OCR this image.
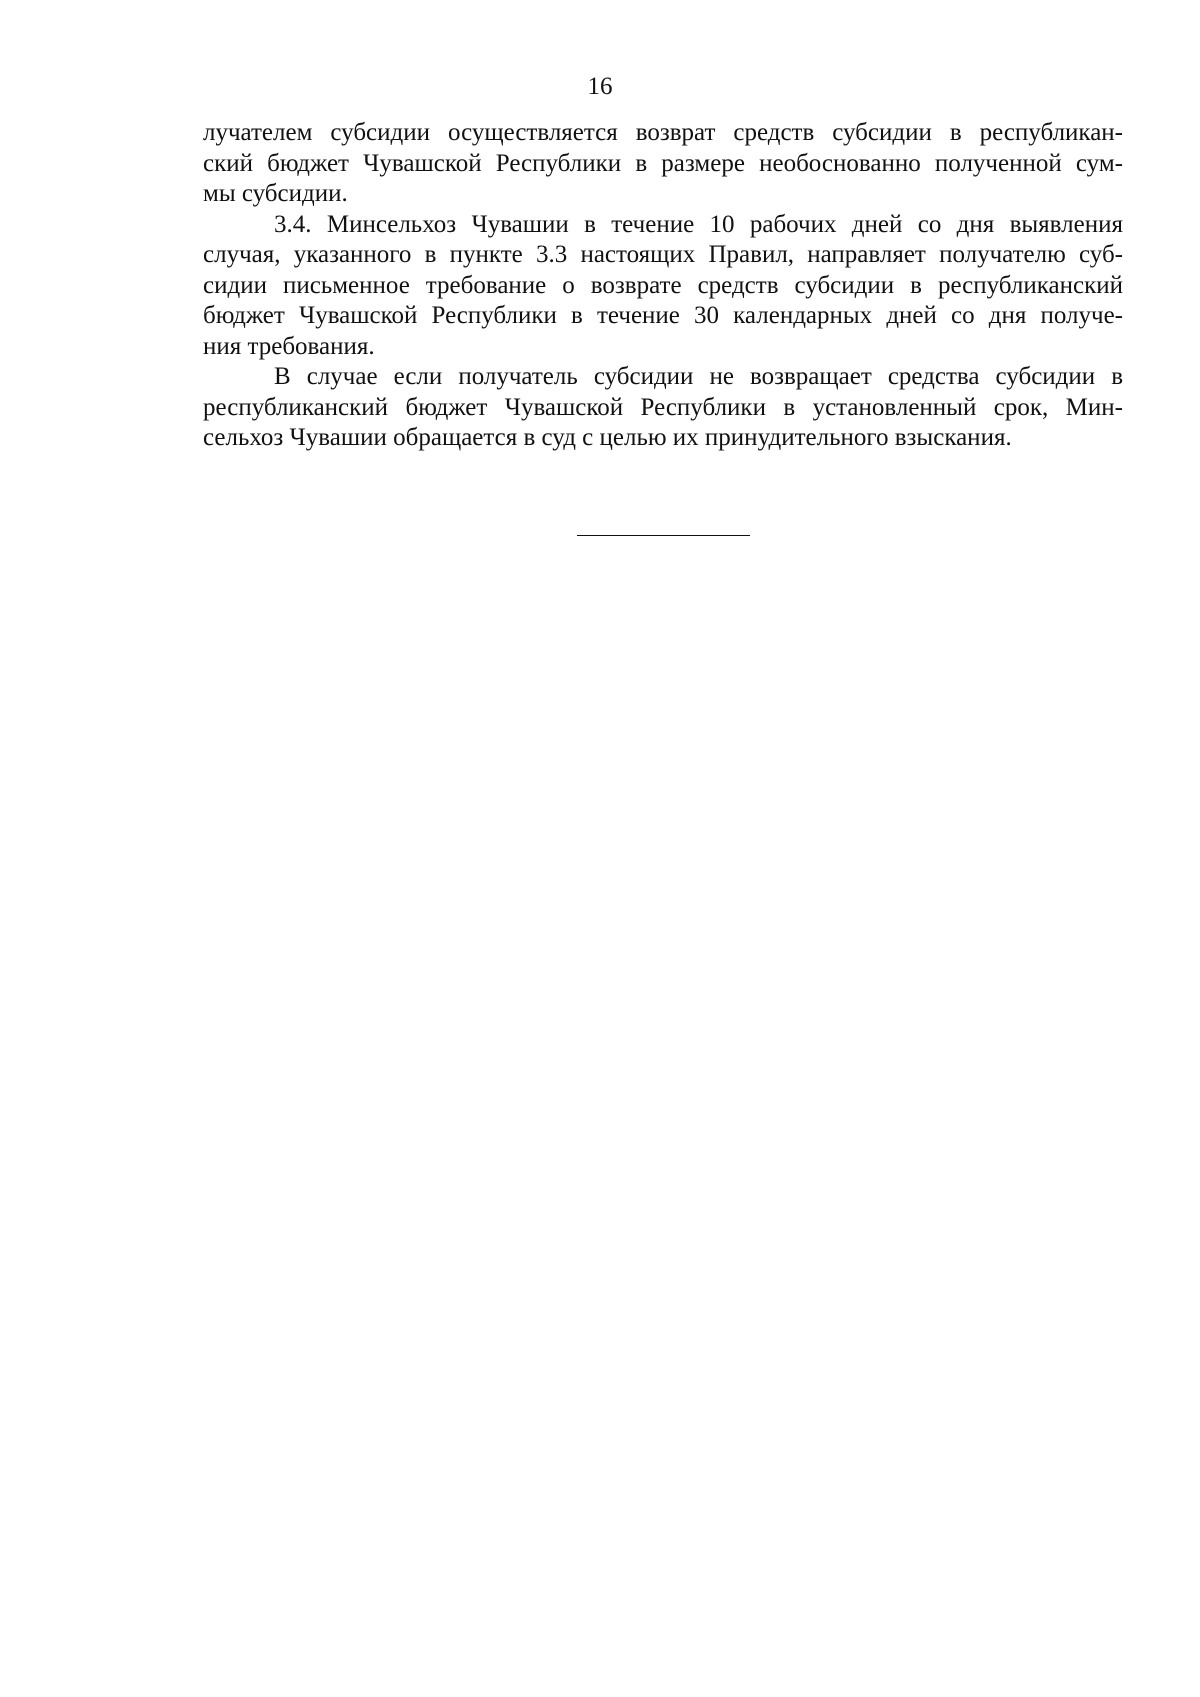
16

лучателем субсидии осуществляется возврат средств субсидии в республикан-
ский бюджет Чувашской Республики в размере необоснованно полученной сум-
мы субсидии.

3.4. Минсельхоз Чувашии в течение 10 рабочих дней со дня выявления
случая, указанного в пункте 3.3 настоящих Правил, направляет получателю суб-
сидии письменное требование о возврате средств субсидии в республиканский
бюджет Чувашской Республики в течение 30 календарных дней со дня получе-
ния требования.

В случае если получатель субсидии не возвращает средства субсидии в
республиканский бюджет Чувашской Республики в установленный срок, Мин-
сельхоз Чувашии обращается в суд с целью их принудительного взыскания.
